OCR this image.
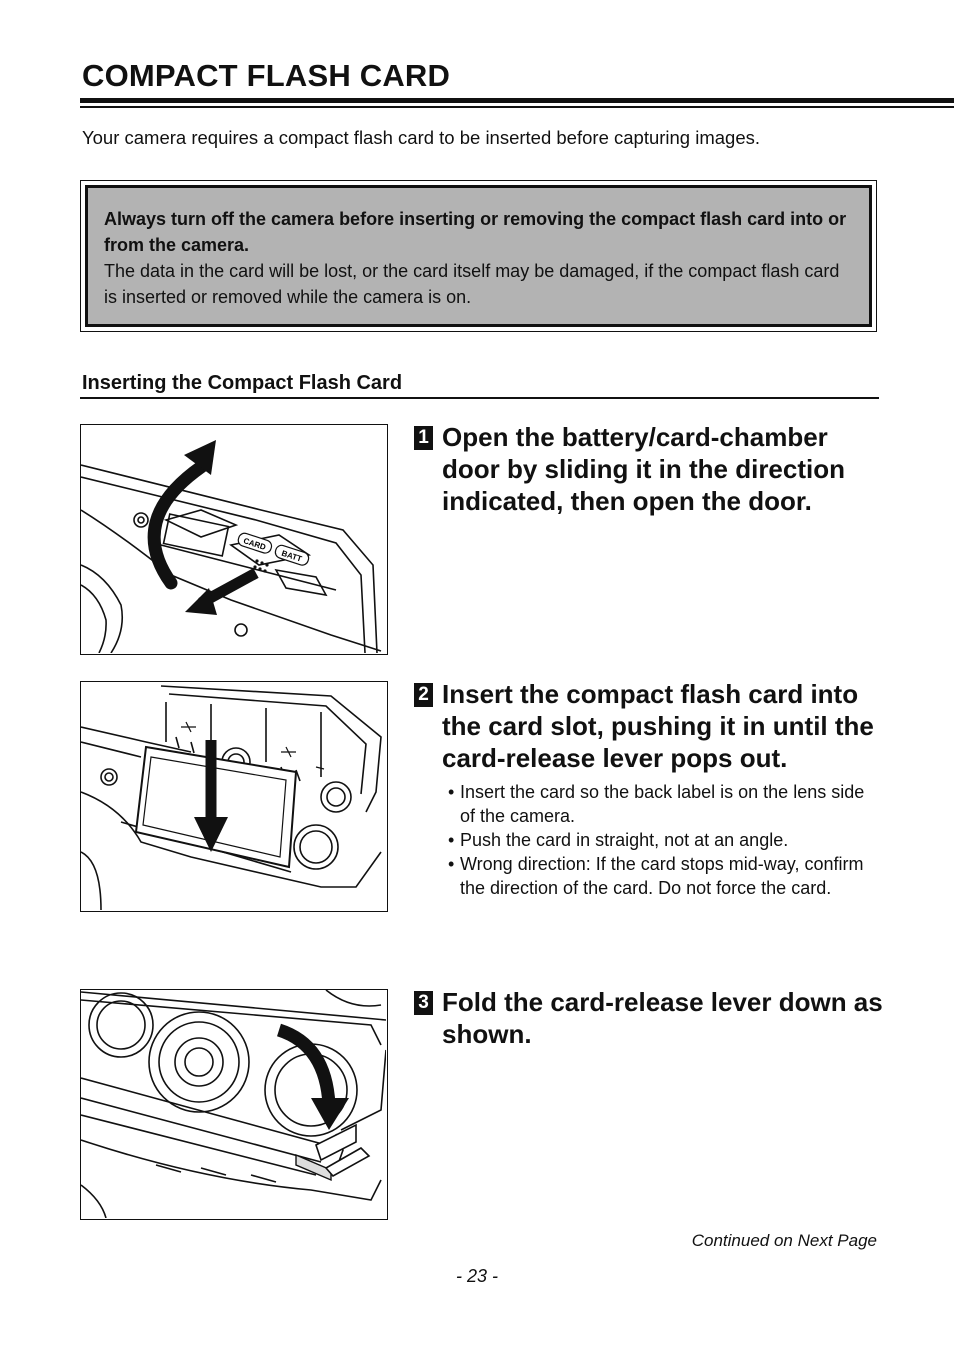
COMPACT FLASH CARD
Your camera requires a compact flash card to be inserted before capturing images.
Always turn off the camera before inserting or removing the compact flash card into or from the camera.
The data in the card will be lost, or the card itself may be damaged, if the compact flash card is inserted or removed while the camera is on.
Inserting the Compact Flash Card
CARD
BATT
1 Open the battery/card-chamber door by sliding it in the direction indicated, then open the door.
2 Insert the compact flash card into the card slot, pushing it in until the card-release lever pops out.
• Insert the card so the back label is on the lens side of the camera.
• Push the card in straight, not at an angle.
• Wrong direction: If the card stops mid-way, confirm the direction of the card. Do not force the card.
3 Fold the card-release lever down as shown.
Continued on Next Page
- 23 -
